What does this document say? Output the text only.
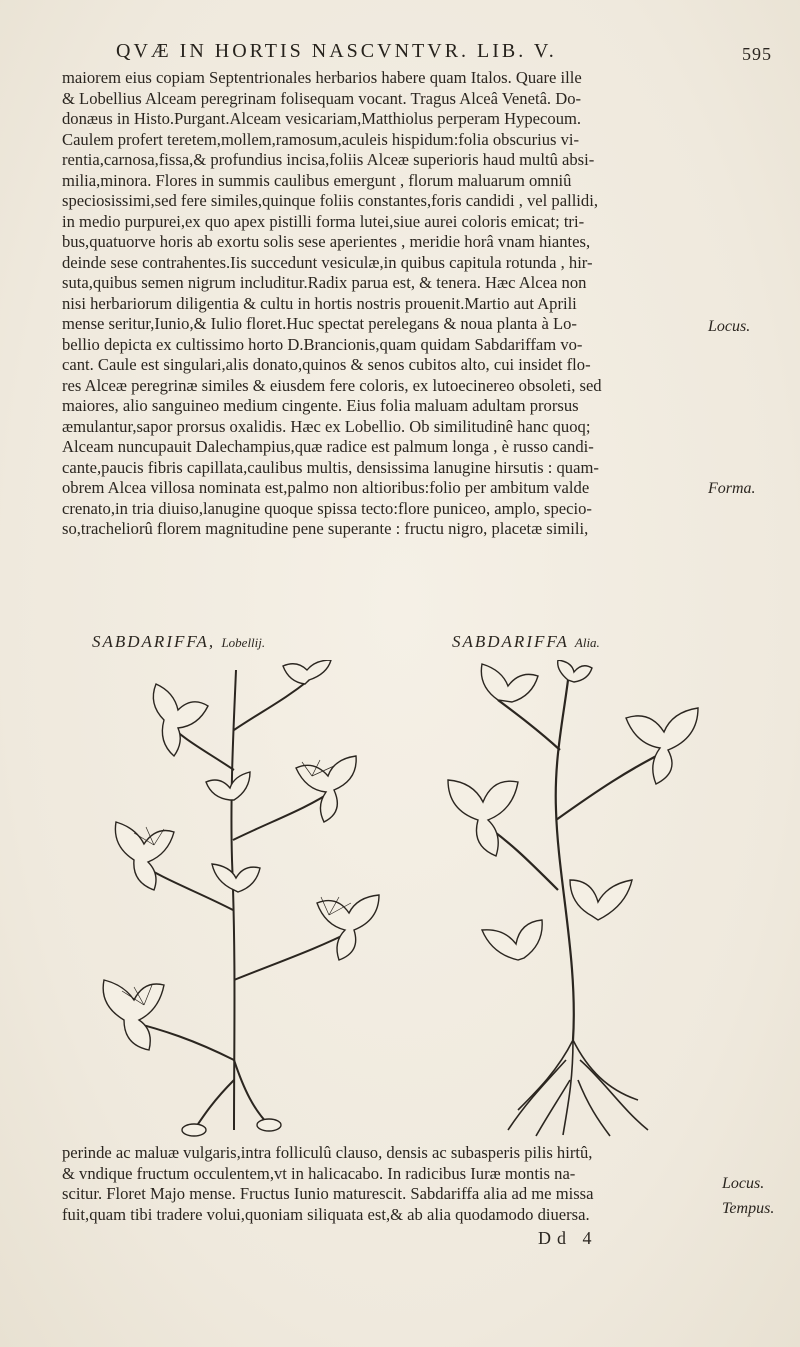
QVÆ IN HORTIS NASCVNTVR. LIB. V.	595

maiorem eius copiam Septentrionales herbarios habere quam Italos. Quare ille

& Lobellius Alceam peregrinam folisequam vocant. Tragus Alceâ Venetâ. Do-

donæus in Histo.Purgant.Alceam vesicariam,Matthiolus perperam Hypecoum.

Caulem profert teretem,mollem,ramosum,aculeis hispidum:folia obscurius vi-

rentia,carnosa,fissa,& profundius incisa,foliis Alceæ superioris haud multû absi-

milia,minora. Flores in summis caulibus emergunt , florum maluarum omniû

speciosissimi,sed fere similes,quinque foliis constantes,foris candidi , vel pallidi,

in medio purpurei,ex quo apex pistilli forma lutei,siue aurei coloris emicat; tri-

bus,quatuorve horis ab exortu solis sese aperientes , meridie horâ vnam hiantes,

deinde sese contrahentes.Iis succedunt vesiculæ,in quibus capitula rotunda , hir-

suta,quibus semen nigrum includitur.Radix parua est, & tenera. Hæc Alcea non

nisi herbariorum diligentia & cultu in hortis nostris prouenit.Martio aut Aprili

mense seritur,Iunio,& Iulio floret.Huc spectat perelegans & noua planta à Lo-

bellio depicta ex cultissimo horto D.Brancionis,quam quidam Sabdariffam vo-

cant. Caule est singulari,alis donato,quinos & senos cubitos alto, cui insidet flo-

res Alceæ peregrinæ similes & eiusdem fere coloris, ex lutoecinereo obsoleti, sed

maiores, alio sanguineo medium cingente. Eius folia maluam adultam prorsus

æmulantur,sapor prorsus oxalidis. Hæc ex Lobellio. Ob similitudinê hanc quoq;

Alceam nuncupauit Dalechampius,quæ radice est palmum longa , è russo candi-

cante,paucis fibris capillata,caulibus multis, densissima lanugine hirsutis : quam-

obrem Alcea villosa nominata est,palmo non altioribus:folio per ambitum valde

crenato,in tria diuiso,lanugine quoque spissa tecto:flore puniceo, amplo, specio-

so,tracheliorû florem magnitudine pene superante : fructu nigro, placetæ simili,

Locus.
Forma.
SABDARIFFA, Lobellij.	SABDARIFFA Alia.
Locus.
Tempus.

perinde ac maluæ vulgaris,intra folliculû clauso, densis ac subasperis pilis hirtû,

& vndique fructum occulentem,vt in halicacabo. In radicibus Iuræ montis na-

scitur. Floret Majo mense. Fructus Iunio maturescit. Sabdariffa alia ad me missa

fuit,quam tibi tradere volui,quoniam siliquata est,& ab alia quodamodo diuersa.

Dd 4
